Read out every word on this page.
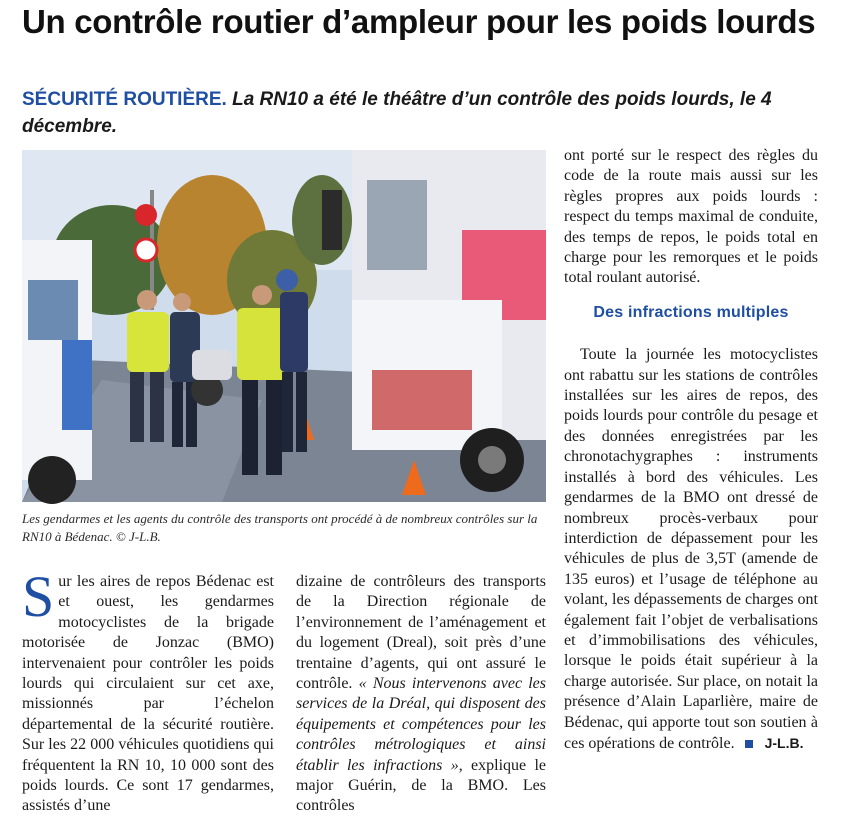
Un contrôle routier d’ampleur pour les poids lourds
SÉCURITÉ ROUTIÈRE. La RN10 a été le théâtre d’un contrôle des poids lourds, le 4 décembre.

Les gendarmes et les agents du contrôle des transports ont procédé à de nombreux contrôles sur la RN10 à Bédenac. © J-L.B.

Sur les aires de repos Bédenac est et ouest, les gendarmes motocyclistes de la brigade motorisée de Jonzac (BMO) intervenaient pour contrôler les poids lourds qui circulaient sur cet axe, missionnés par l’échelon départemental de la sécurité routière. Sur les 22 000 véhicules quotidiens qui fréquentent la RN 10, 10 000 sont des poids lourds. Ce sont 17 gendarmes, assistés d’une
dizaine de contrôleurs des transports de la Direction régionale de l’environnement de l’aménagement et du logement (Dreal), soit près d’une trentaine d’agents, qui ont assuré le contrôle. « Nous intervenons avec les services de la Dréal, qui disposent des équipements et compétences pour les contrôles métrologiques et ainsi établir les infractions », explique le major Guérin, de la BMO. Les contrôles

ont porté sur le respect des règles du code de la route mais aussi sur les règles propres aux poids lourds : respect du temps maximal de conduite, des temps de repos, le poids total en charge pour les remorques et le poids total roulant autorisé.

Des infractions multiples

Toute la journée les motocyclistes ont rabattu sur les stations de contrôles installées sur les aires de repos, des poids lourds pour contrôle du pesage et des données enregistrées par les chronotachygraphes : instruments installés à bord des véhicules. Les gendarmes de la BMO ont dressé de nombreux procès-verbaux pour interdiction de dépassement pour les véhicules de plus de 3,5T (amende de 135 euros) et l’usage de téléphone au volant, les dépassements de charges ont également fait l’objet de verbalisations et d’immobilisations des véhicules, lorsque le poids était supérieur à la charge autorisée. Sur place, on notait la présence d’Alain Laparlière, maire de Bédenac, qui apporte tout son soutien à ces opérations de contrôle. J-L.B.
